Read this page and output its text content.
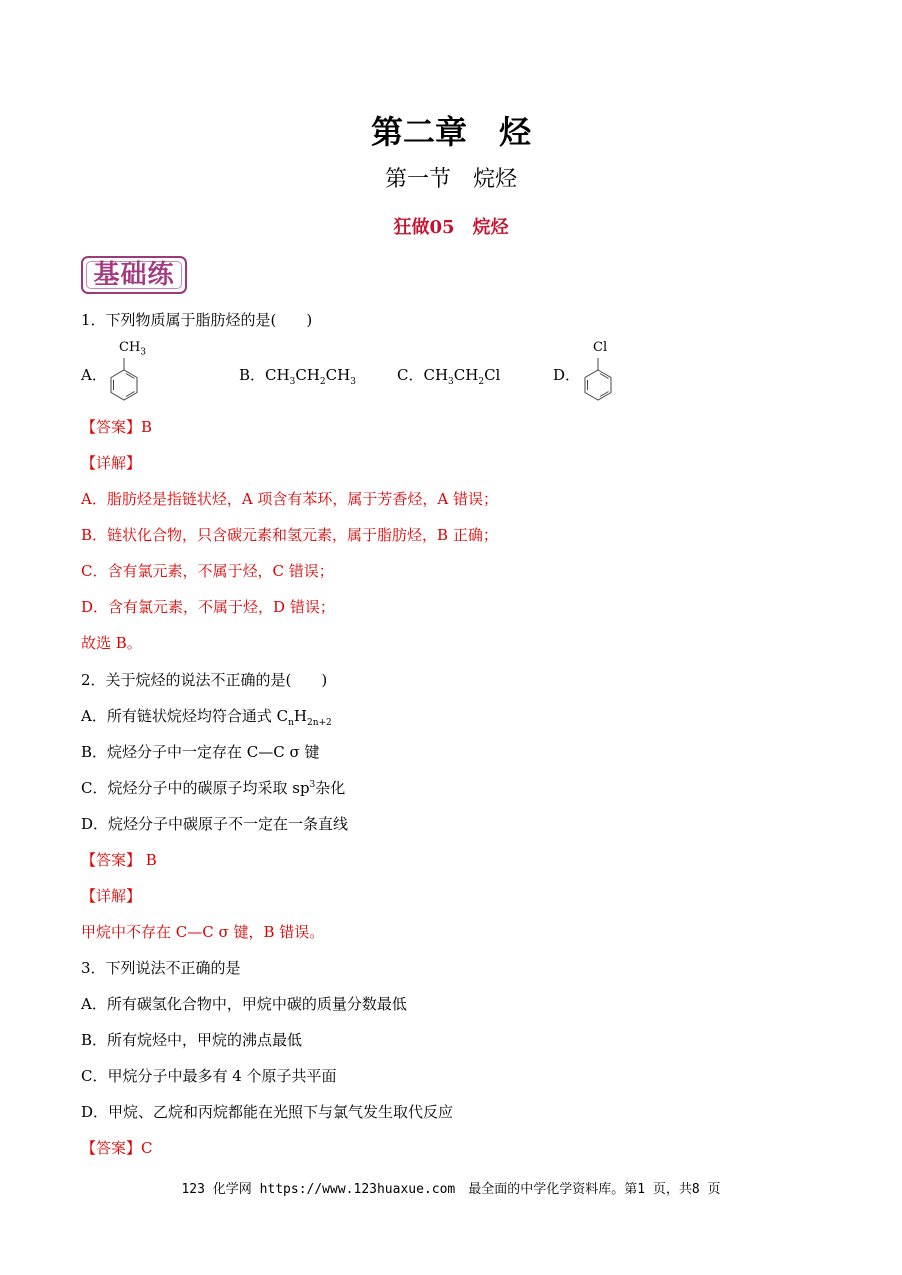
第二章　烃
第一节　烷烃
狂做05　烷烃
基础练
1．下列物质属于脂肪烃的是(　　)
A．
$CH_3$
B．$CH_3CH_2CH_3$	C．$CH_3CH_2Cl$	D．
Cl
【答案】B
【详解】
A．脂肪烃是指链状烃，A 项含有苯环，属于芳香烃，A 错误；
B．链状化合物，只含碳元素和氢元素，属于脂肪烃，B 正确；
C．含有氯元素，不属于烃，C 错误；
D．含有氯元素，不属于烃，D 错误；
故选 B。
2．关于烷烃的说法不正确的是(　　)
A．所有链状烷烃均符合通式 $C_nH_{2n+2}$
B．烷烃分子中一定存在 C—C σ 键
C．烷烃分子中的碳原子均采取 $sp^3$杂化
D．烷烃分子中碳原子不一定在一条直线
【答案】 B
【详解】
甲烷中不存在 C—C σ 键，B 错误。
3．下列说法不正确的是
A．所有碳氢化合物中，甲烷中碳的质量分数最低
B．所有烷烃中，甲烷的沸点最低
C．甲烷分子中最多有 4 个原子共平面
D．甲烷、乙烷和丙烷都能在光照下与氯气发生取代反应
【答案】C
123 化学网 https://www.123huaxue.com　最全面的中学化学资料库。第1 页，共8 页
